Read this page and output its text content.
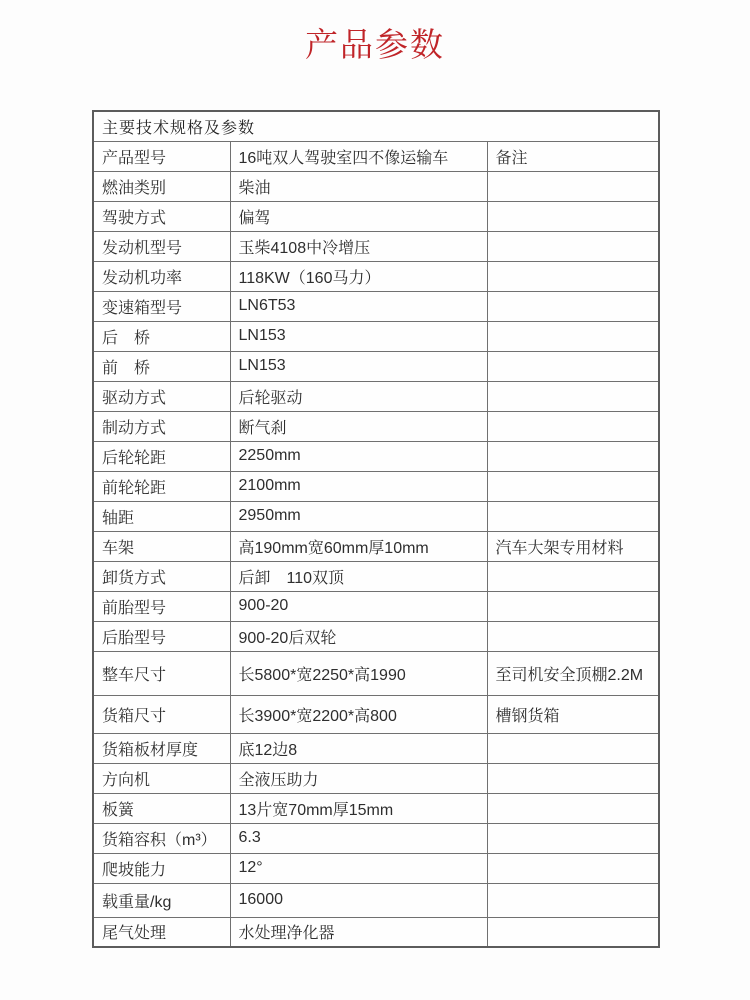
产品参数
主要技术规格及参数		
产品型号	16吨双人驾驶室四不像运输车	备注
燃油类别	柴油	
驾驶方式	偏驾	
发动机型号	玉柴4108中冷增压	
发动机功率	118KW（160马力）	
变速箱型号	LN6T53	
后　桥	LN153	
前　桥	LN153	
驱动方式	后轮驱动	
制动方式	断气刹	
后轮轮距	2250mm	
前轮轮距	2100mm	
轴距	2950mm	
车架	高190mm宽60mm厚10mm	汽车大架专用材料
卸货方式	后卸　110双顶	
前胎型号	900-20	
后胎型号	900-20后双轮	
整车尺寸	长5800*宽2250*高1990	至司机安全顶棚2.2M
货箱尺寸	长3900*宽2200*高800	槽钢货箱
货箱板材厚度	底12边8	
方向机	全液压助力	
板簧	13片宽70mm厚15mm	
货箱容积（m³）	6.3	
爬坡能力	12°	
载重量/kg	16000	
尾气处理	水处理净化器	
